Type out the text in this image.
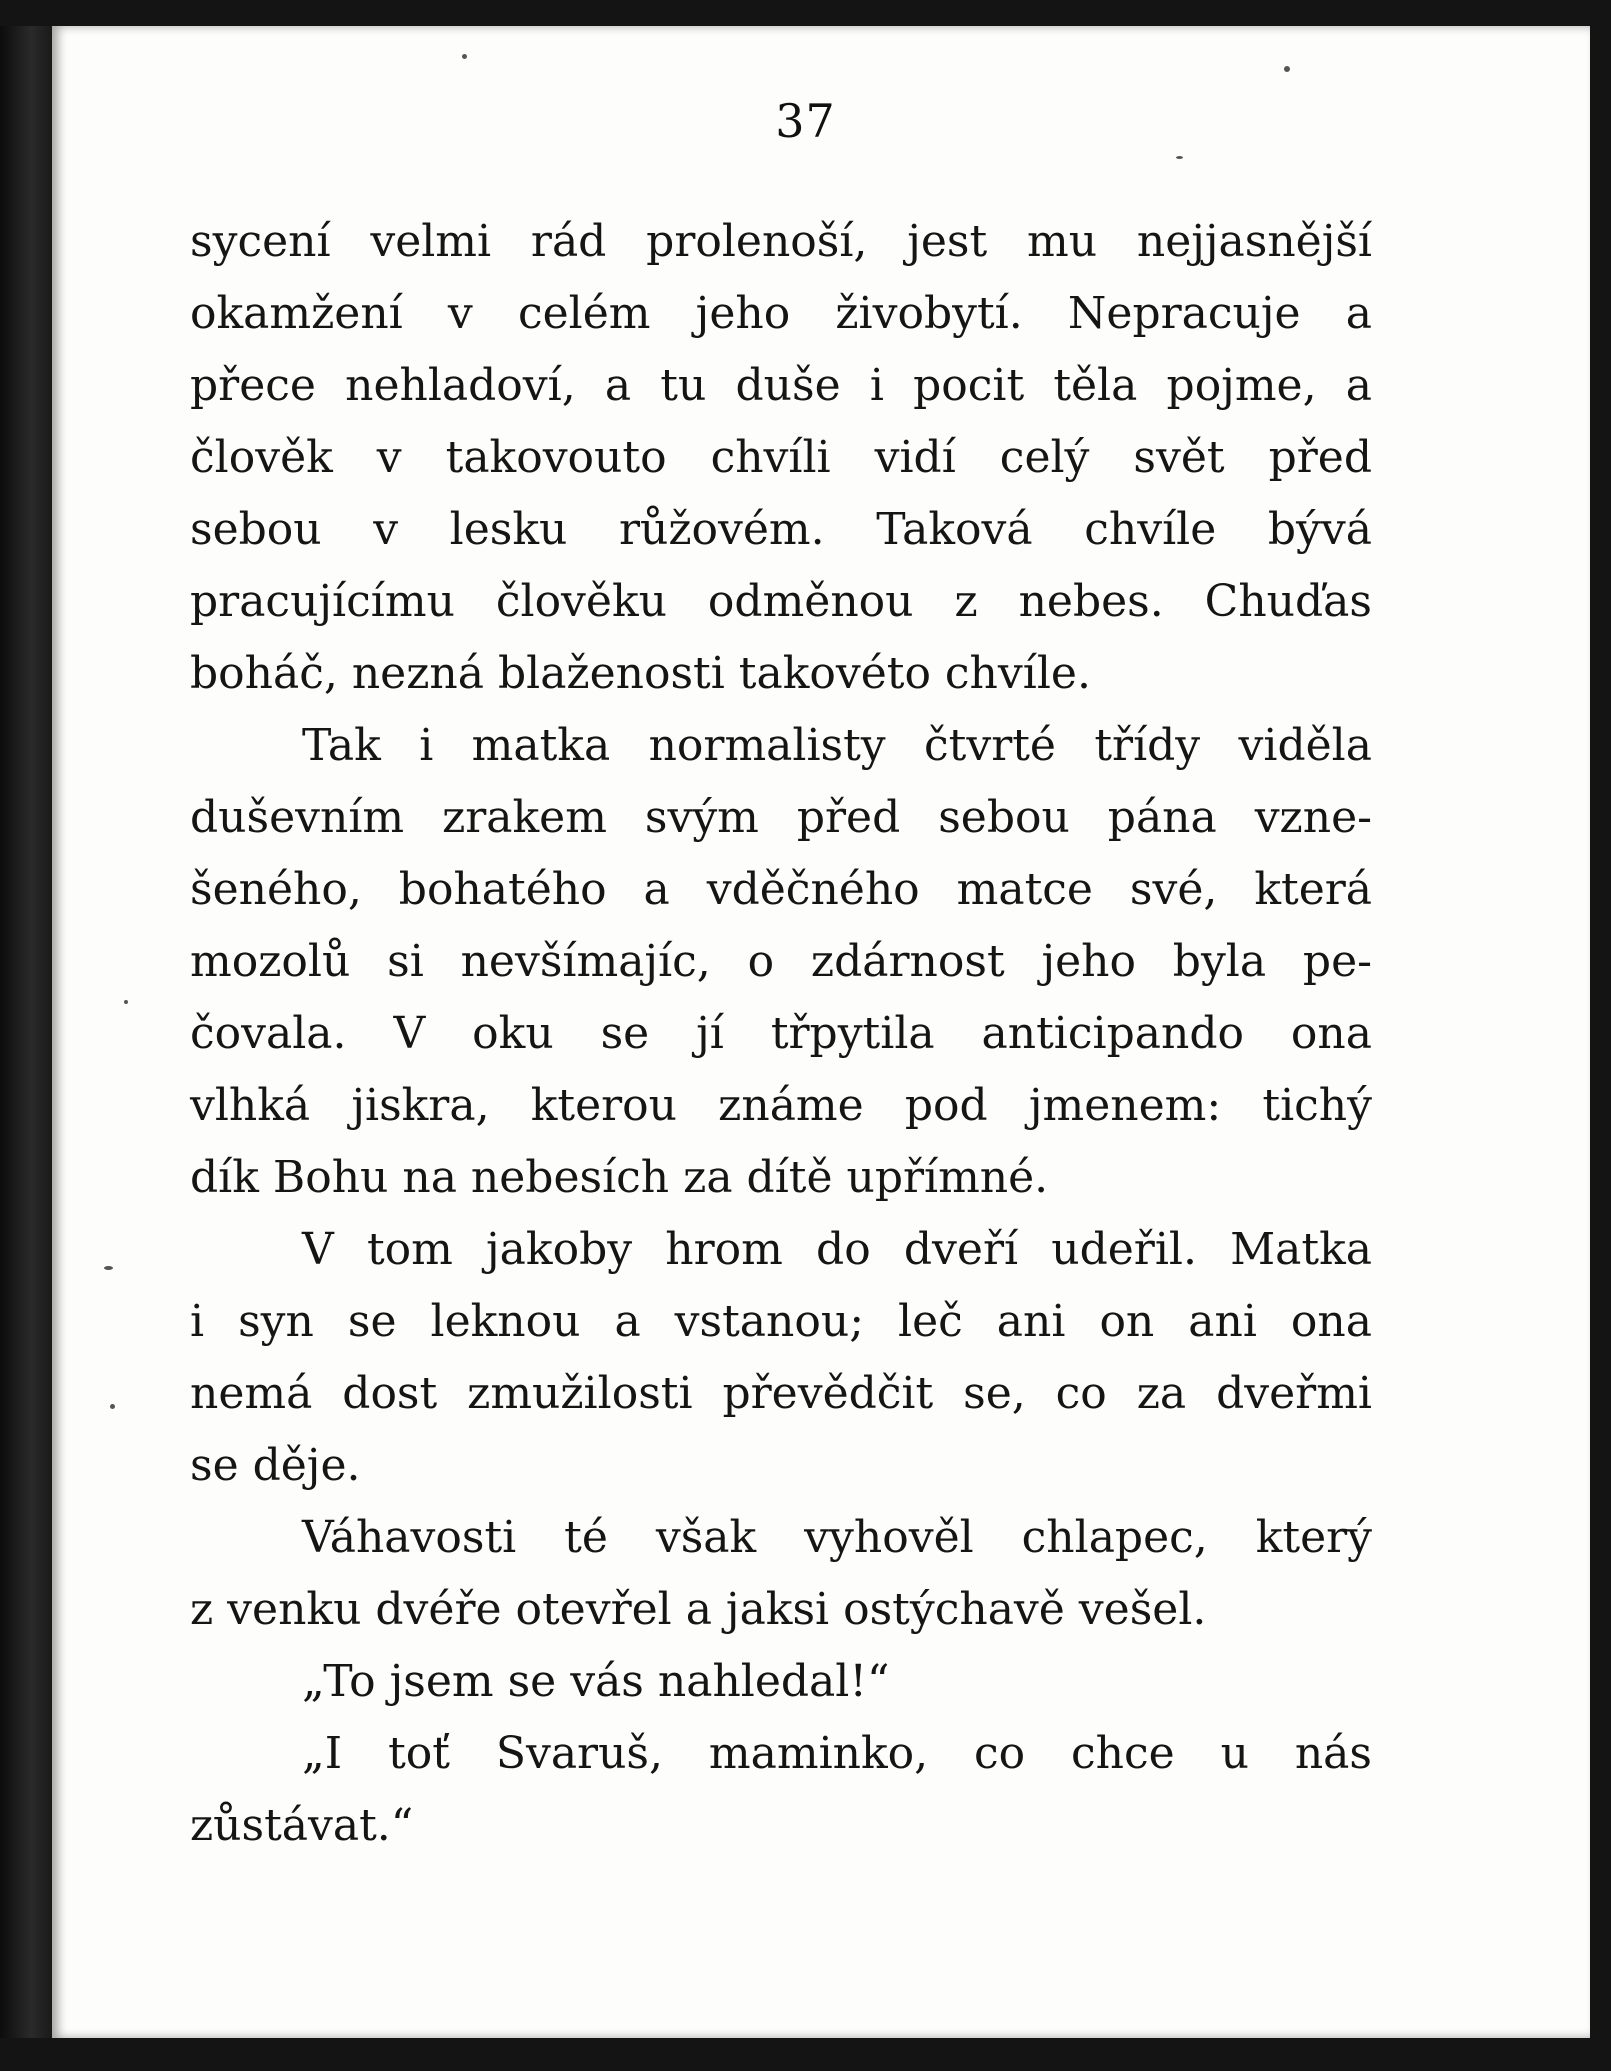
37
sycení velmi rád prolenoší, jest mu nejjasnější
okamžení v celém jeho živobytí. Nepracuje a
přece nehladoví, a tu duše i pocit těla pojme, a
člověk v takovouto chvíli vidí celý svět před
sebou v lesku růžovém. Taková chvíle bývá
pracujícímu člověku odměnou z nebes. Chuďas
boháč, nezná blaženosti takovéto chvíle.
Tak i matka normalisty čtvrté třídy viděla
duševním zrakem svým před sebou pána vzne-
šeného, bohatého a vděčného matce své, která
mozolů si nevšímajíc, o zdárnost jeho byla pe-
čovala. V oku se jí třpytila anticipando ona
vlhká jiskra, kterou známe pod jmenem: tichý
dík Bohu na nebesích za dítě upřímné.
V tom jakoby hrom do dveří udeřil. Matka
i syn se leknou a vstanou; leč ani on ani ona
nemá dost zmužilosti převědčit se, co za dveřmi
se děje.
Váhavosti té však vyhověl chlapec, který
z venku dvéře otevřel a jaksi ostýchavě vešel.
„To jsem se vás nahledal!“
„I toť Svaruš, maminko, co chce u nás
zůstávat.“
